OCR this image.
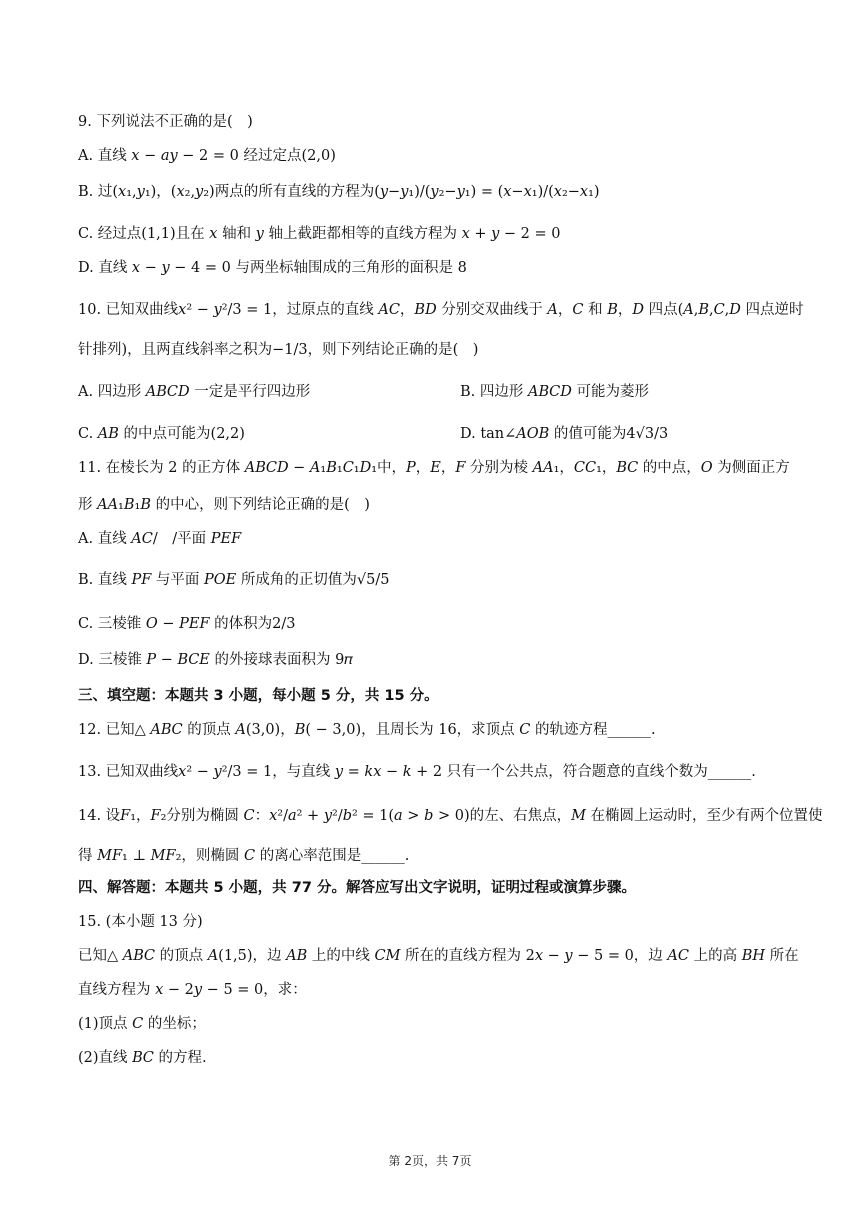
9. 下列说法不正确的是(　)
A. 直线 𝑥 − 𝑎𝑦 − 2 = 0 经过定点(2,0)
B. 过(𝑥₁,𝑦₁)，(𝑥₂,𝑦₂)两点的所有直线的方程为(𝑦−𝑦₁)/(𝑦₂−𝑦₁) = (𝑥−𝑥₁)/(𝑥₂−𝑥₁)
C. 经过点(1,1)且在 𝑥 轴和 𝑦 轴上截距都相等的直线方程为 𝑥 + 𝑦 − 2 = 0
D. 直线 𝑥 − 𝑦 − 4 = 0 与两坐标轴围成的三角形的面积是 8
10. 已知双曲线𝑥² − 𝑦²/3 = 1，过原点的直线 𝐴𝐶，𝐵𝐷 分别交双曲线于 𝐴，𝐶 和 𝐵，𝐷 四点(𝐴,𝐵,𝐶,𝐷 四点逆时
针排列)，且两直线斜率之积为−1/3，则下列结论正确的是(　)
A. 四边形 𝐴𝐵𝐶𝐷 一定是平行四边形	B. 四边形 𝐴𝐵𝐶𝐷 可能为菱形
C. 𝐴𝐵 的中点可能为(2,2)	D. tan∠𝐴𝑂𝐵 的值可能为4√3/3
11. 在棱长为 2 的正方体 𝐴𝐵𝐶𝐷 − 𝐴₁𝐵₁𝐶₁𝐷₁中，𝑃，𝐸，𝐹 分别为棱 𝐴𝐴₁，𝐶𝐶₁，𝐵𝐶 的中点，𝑂 为侧面正方
形 𝐴𝐴₁𝐵₁𝐵 的中心，则下列结论正确的是(　)
A. 直线 𝐴𝐶/　/平面 𝑃𝐸𝐹
B. 直线 𝑃𝐹 与平面 𝑃𝑂𝐸 所成角的正切值为√5/5
C. 三棱锥 𝑂 − 𝑃𝐸𝐹 的体积为2/3
D. 三棱锥 𝑃 − 𝐵𝐶𝐸 的外接球表面积为 9𝜋
三、填空题：本题共 3 小题，每小题 5 分，共 15 分。
12. 已知△ 𝐴𝐵𝐶 的顶点 𝐴(3,0)，𝐵( − 3,0)，且周长为 16，求顶点 𝐶 的轨迹方程______.
13. 已知双曲线𝑥² − 𝑦²/3 = 1，与直线 𝑦 = 𝑘𝑥 − 𝑘 + 2 只有一个公共点，符合题意的直线个数为______.
14. 设𝐹₁，𝐹₂分别为椭圆 𝐶：𝑥²/𝑎² + 𝑦²/𝑏² = 1(𝑎 > 𝑏 > 0)的左、右焦点，𝑀 在椭圆上运动时，至少有两个位置使
得 𝑀𝐹₁ ⊥ 𝑀𝐹₂，则椭圆 𝐶 的离心率范围是______.
四、解答题：本题共 5 小题，共 77 分。解答应写出文字说明，证明过程或演算步骤。
15. (本小题 13 分)
已知△ 𝐴𝐵𝐶 的顶点 𝐴(1,5)，边 𝐴𝐵 上的中线 𝐶𝑀 所在的直线方程为 2𝑥 − 𝑦 − 5 = 0，边 𝐴𝐶 上的高 𝐵𝐻 所在
直线方程为 𝑥 − 2𝑦 − 5 = 0，求：
(1)顶点 𝐶 的坐标；
(2)直线 𝐵𝐶 的方程.
第 2页，共 7页
